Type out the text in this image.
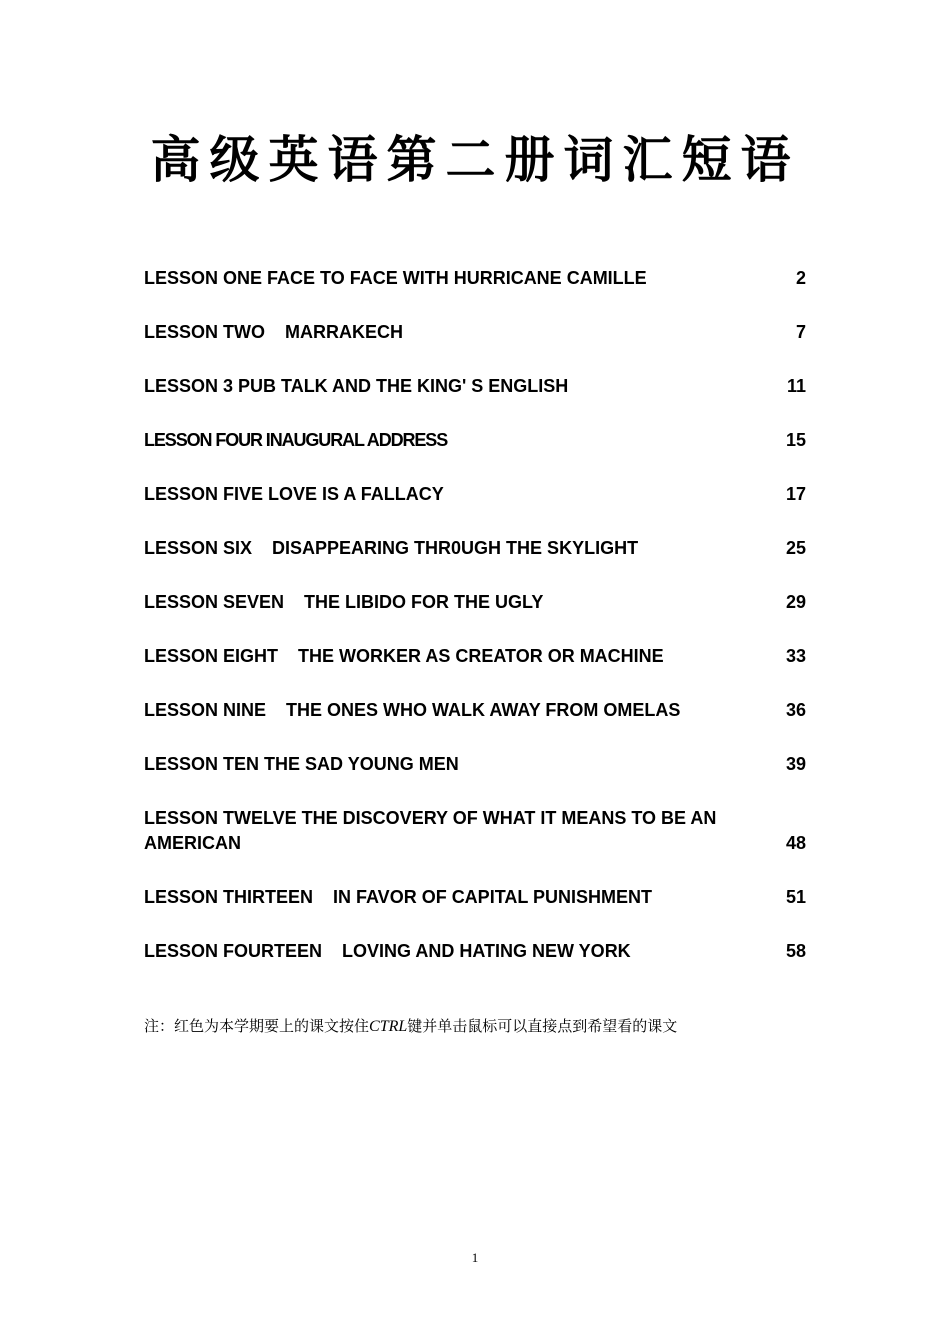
高级英语第二册词汇短语
LESSON ONE FACE TO FACE WITH HURRICANE CAMILLE	2
LESSON TWO    MARRAKECH	7
LESSON 3 PUB TALK AND THE KING' S ENGLISH	11
LESSON FOUR INAUGURAL ADDRESS	15
LESSON FIVE LOVE IS A FALLACY	17
LESSON SIX    DISAPPEARING THR0UGH THE SKYLIGHT	25
LESSON SEVEN    THE LIBIDO FOR THE UGLY	29
LESSON EIGHT    THE WORKER AS CREATOR OR MACHINE	33
LESSON NINE    THE ONES WHO WALK AWAY FROM OMELAS	36
LESSON TEN THE SAD YOUNG MEN	39
LESSON TWELVE THE DISCOVERY OF WHAT IT MEANS TO BE AN AMERICAN	48
LESSON THIRTEEN    IN FAVOR OF CAPITAL PUNISHMENT	51
LESSON FOURTEEN    LOVING AND HATING NEW YORK	58
注：红色为本学期要上的课文按住CTRL键并单击鼠标可以直接点到希望看的课文
1
